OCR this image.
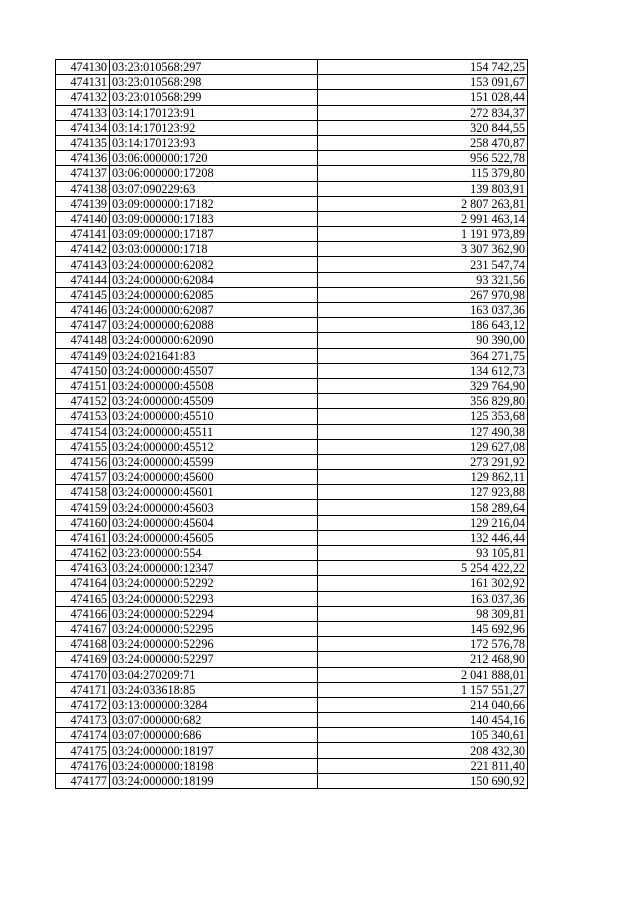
474130	03:23:010568:297	154 742,25
474131	03:23:010568:298	153 091,67
474132	03:23:010568:299	151 028,44
474133	03:14:170123:91	272 834,37
474134	03:14:170123:92	320 844,55
474135	03:14:170123:93	258 470,87
474136	03:06:000000:1720	956 522,78
474137	03:06:000000:17208	115 379,80
474138	03:07:090229:63	139 803,91
474139	03:09:000000:17182	2 807 263,81
474140	03:09:000000:17183	2 991 463,14
474141	03:09:000000:17187	1 191 973,89
474142	03:03:000000:1718	3 307 362,90
474143	03:24:000000:62082	231 547,74
474144	03:24:000000:62084	93 321,56
474145	03:24:000000:62085	267 970,98
474146	03:24:000000:62087	163 037,36
474147	03:24:000000:62088	186 643,12
474148	03:24:000000:62090	90 390,00
474149	03:24:021641:83	364 271,75
474150	03:24:000000:45507	134 612,73
474151	03:24:000000:45508	329 764,90
474152	03:24:000000:45509	356 829,80
474153	03:24:000000:45510	125 353,68
474154	03:24:000000:45511	127 490,38
474155	03:24:000000:45512	129 627,08
474156	03:24:000000:45599	273 291,92
474157	03:24:000000:45600	129 862,11
474158	03:24:000000:45601	127 923,88
474159	03:24:000000:45603	158 289,64
474160	03:24:000000:45604	129 216,04
474161	03:24:000000:45605	132 446,44
474162	03:23:000000:554	93 105,81
474163	03:24:000000:12347	5 254 422,22
474164	03:24:000000:52292	161 302,92
474165	03:24:000000:52293	163 037,36
474166	03:24:000000:52294	98 309,81
474167	03:24:000000:52295	145 692,96
474168	03:24:000000:52296	172 576,78
474169	03:24:000000:52297	212 468,90
474170	03:04:270209:71	2 041 888,01
474171	03:24:033618:85	1 157 551,27
474172	03:13:000000:3284	214 040,66
474173	03:07:000000:682	140 454,16
474174	03:07:000000:686	105 340,61
474175	03:24:000000:18197	208 432,30
474176	03:24:000000:18198	221 811,40
474177	03:24:000000:18199	150 690,92
